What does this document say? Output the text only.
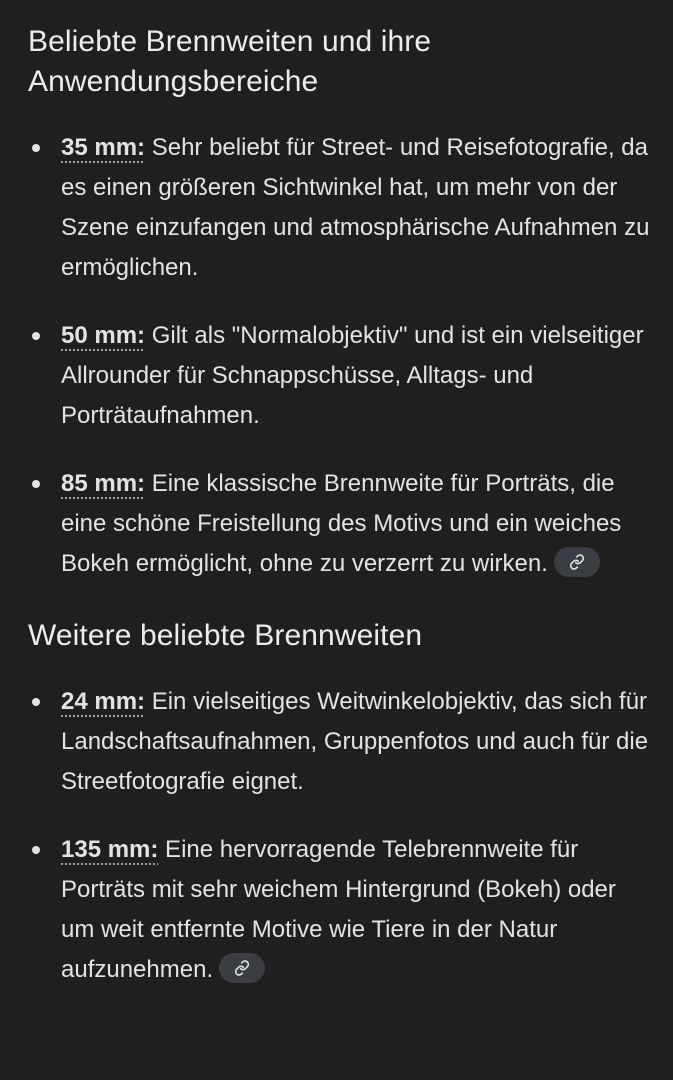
Beliebte Brennweiten und ihre Anwendungsbereiche
35 mm: Sehr beliebt für Street- und Reisefotografie, da es einen größeren Sichtwinkel hat, um mehr von der Szene einzufangen und atmosphärische Aufnahmen zu ermöglichen.
50 mm: Gilt als "Normalobjektiv" und ist ein vielseitiger Allrounder für Schnappschüsse, Alltags- und Porträtaufnahmen.
85 mm: Eine klassische Brennweite für Porträts, die eine schöne Freistellung des Motivs und ein weiches Bokeh ermöglicht, ohne zu verzerrt zu wirken.
Weitere beliebte Brennweiten
24 mm: Ein vielseitiges Weitwinkelobjektiv, das sich für Landschaftsaufnahmen, Gruppenfotos und auch für die Streetfotografie eignet.
135 mm: Eine hervorragende Telebrennweite für Porträts mit sehr weichem Hintergrund (Bokeh) oder um weit entfernte Motive wie Tiere in der Natur aufzunehmen.
